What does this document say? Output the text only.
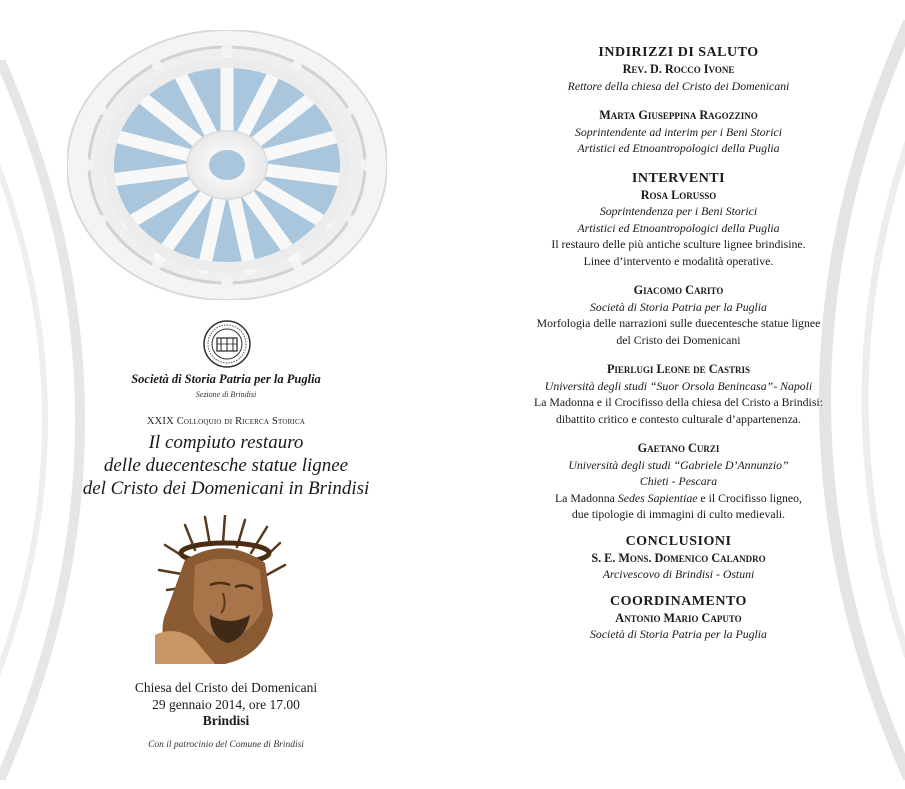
Società di Storia Patria per la Puglia
Sezione di Brindisi
XXIX Colloquio di Ricerca Storica
Il compiuto restauro
delle duecentesche statue lignee
del Cristo dei Domenicani in Brindisi
Chiesa del Cristo dei Domenicani
29 gennaio 2014, ore 17.00
Brindisi
Con il patrocinio del Comune di Brindisi
INDIRIZZI DI SALUTO
Rev. D. Rocco Ivone
Rettore della chiesa del Cristo dei Domenicani
Marta Giuseppina Ragozzino
Soprintendente ad interim per i Beni Storici
Artistici ed Etnoantropologici della Puglia
INTERVENTI
Rosa Lorusso
Soprintendenza per i Beni Storici
Artistici ed Etnoantropologici della Puglia
Il restauro delle più antiche sculture lignee brindisine.
Linee d’intervento e modalità operative.
Giacomo Carito
Società di Storia Patria per la Puglia
Morfologia delle narrazioni sulle duecentesche statue lignee
del Cristo dei Domenicani
Pierlugi Leone de Castris
Università degli studi “Suor Orsola Benincasa”- Napoli
La Madonna e il Crocifisso della chiesa del Cristo a Brindisi:
dibattito critico e contesto culturale d’appartenenza.
Gaetano Curzi
Università degli studi “Gabriele D’Annunzio”
Chieti - Pescara
La Madonna Sedes Sapientiae e il Crocifisso ligneo,
due tipologie di immagini di culto medievali.
CONCLUSIONI
S. E. Mons. Domenico Calandro
Arcivescovo di Brindisi - Ostuni
COORDINAMENTO
Antonio Mario Caputo
Società di Storia Patria per la Puglia
